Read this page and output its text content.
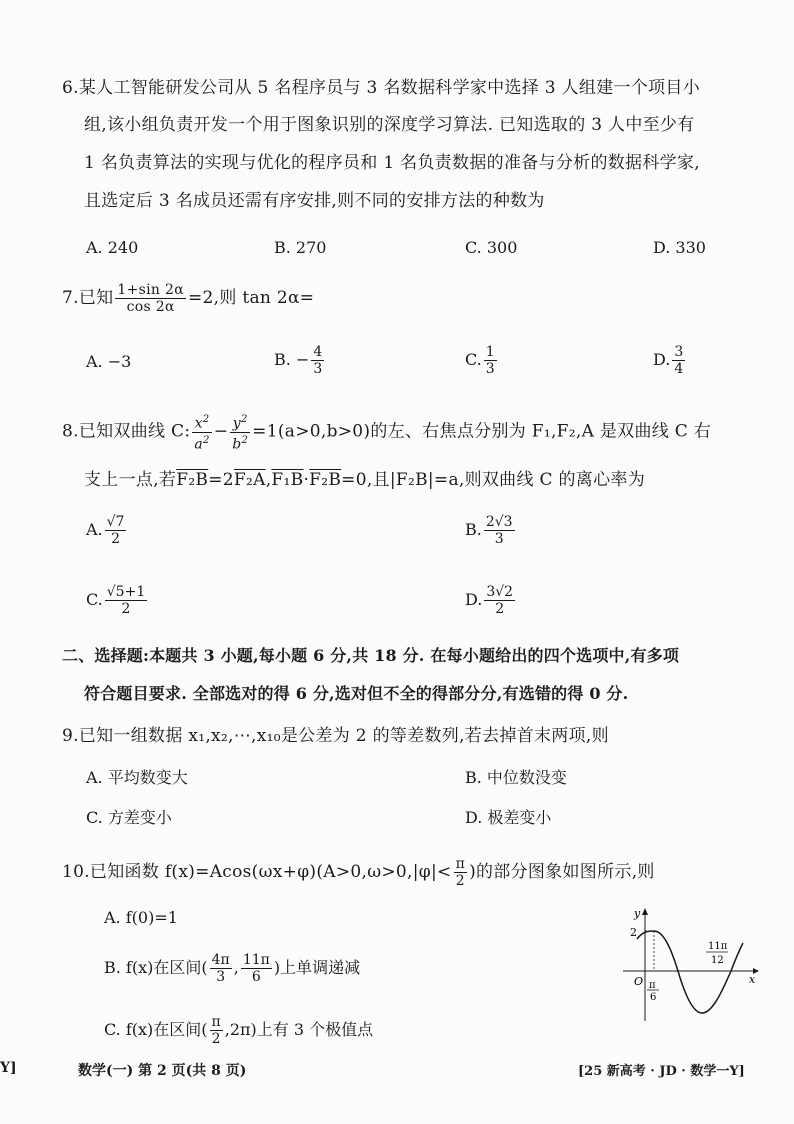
6.某人工智能研发公司从 5 名程序员与 3 名数据科学家中选择 3 人组建一个项目小
组,该小组负责开发一个用于图象识别的深度学习算法. 已知选取的 3 人中至少有
1 名负责算法的实现与优化的程序员和 1 名负责数据的准备与分析的数据科学家,
且选定后 3 名成员还需有序安排,则不同的安排方法的种数为
A. 240	B. 270	C. 300	D. 330
7.已知 $\frac{1+\sin 2\alpha}{\cos 2\alpha} =2$,则 tan 2α=
A. −3	B. − $\frac{4}{3}$	C. $\frac{1}{3}$	D. $\frac{3}{4}$
8.已知双曲线 C: $\frac{x^2}{a^2} - \frac{y^2}{b^2} =1(a>0,b>0)$的左、右焦点分别为 F₁,F₂,A 是双曲线 C 右
支上一点,若F₂B=2F₂A,F₁B·F₂B=0,且|F₂B|=a,则双曲线 C 的离心率为
A. $\frac{√7}{2}$	B. $\frac{2√3}{3}$
C. $\frac{√5+1}{2}$	D. $\frac{3√2}{2}$
二、选择题:本题共 3 小题,每小题 6 分,共 18 分. 在每小题给出的四个选项中,有多项
符合题目要求. 全部选对的得 6 分,选对但不全的得部分分,有选错的得 0 分.
9.已知一组数据 x₁,x₂,⋯,x₁₀是公差为 2 的等差数列,若去掉首末两项,则
A. 平均数变大	B. 中位数没变
C. 方差变小	D. 极差变小
10.已知函数 $f(x)=Acos(\omega x+\varphi)(A>0,\omega>0,|\varphi|< \frac{\pi}{2}$ )的部分图象如图所示,则
A. f(0)=1
B. f(x)在区间( $\frac{4\pi}{3}$ , $\frac{11\pi}{6}$ )上单调递减
C. f(x)在区间( $\frac{\pi}{2} ,2\pi$)上有 3 个极值点
y
x
O
2
π
6
11π
12
Y]	数学(一) 第 2 页(共 8 页)	[25 新高考 · JD · 数学一Y]
